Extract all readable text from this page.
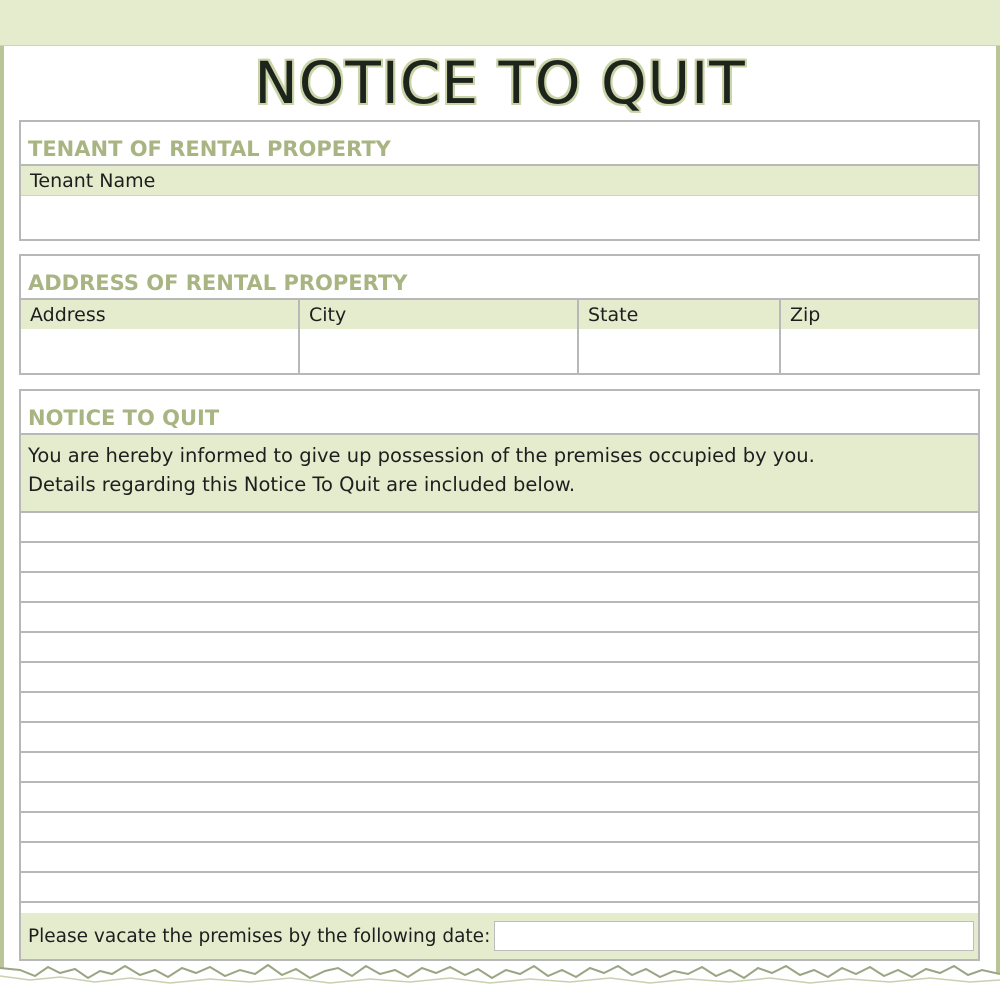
NOTICE TO QUIT
TENANT OF RENTAL PROPERTY
Tenant Name
ADDRESS OF RENTAL PROPERTY
Address	City	State	Zip
NOTICE TO QUIT
You are hereby informed to give up possession of the premises occupied by you.
Details regarding this Notice To Quit are included below.
Please vacate the premises by the following date:
